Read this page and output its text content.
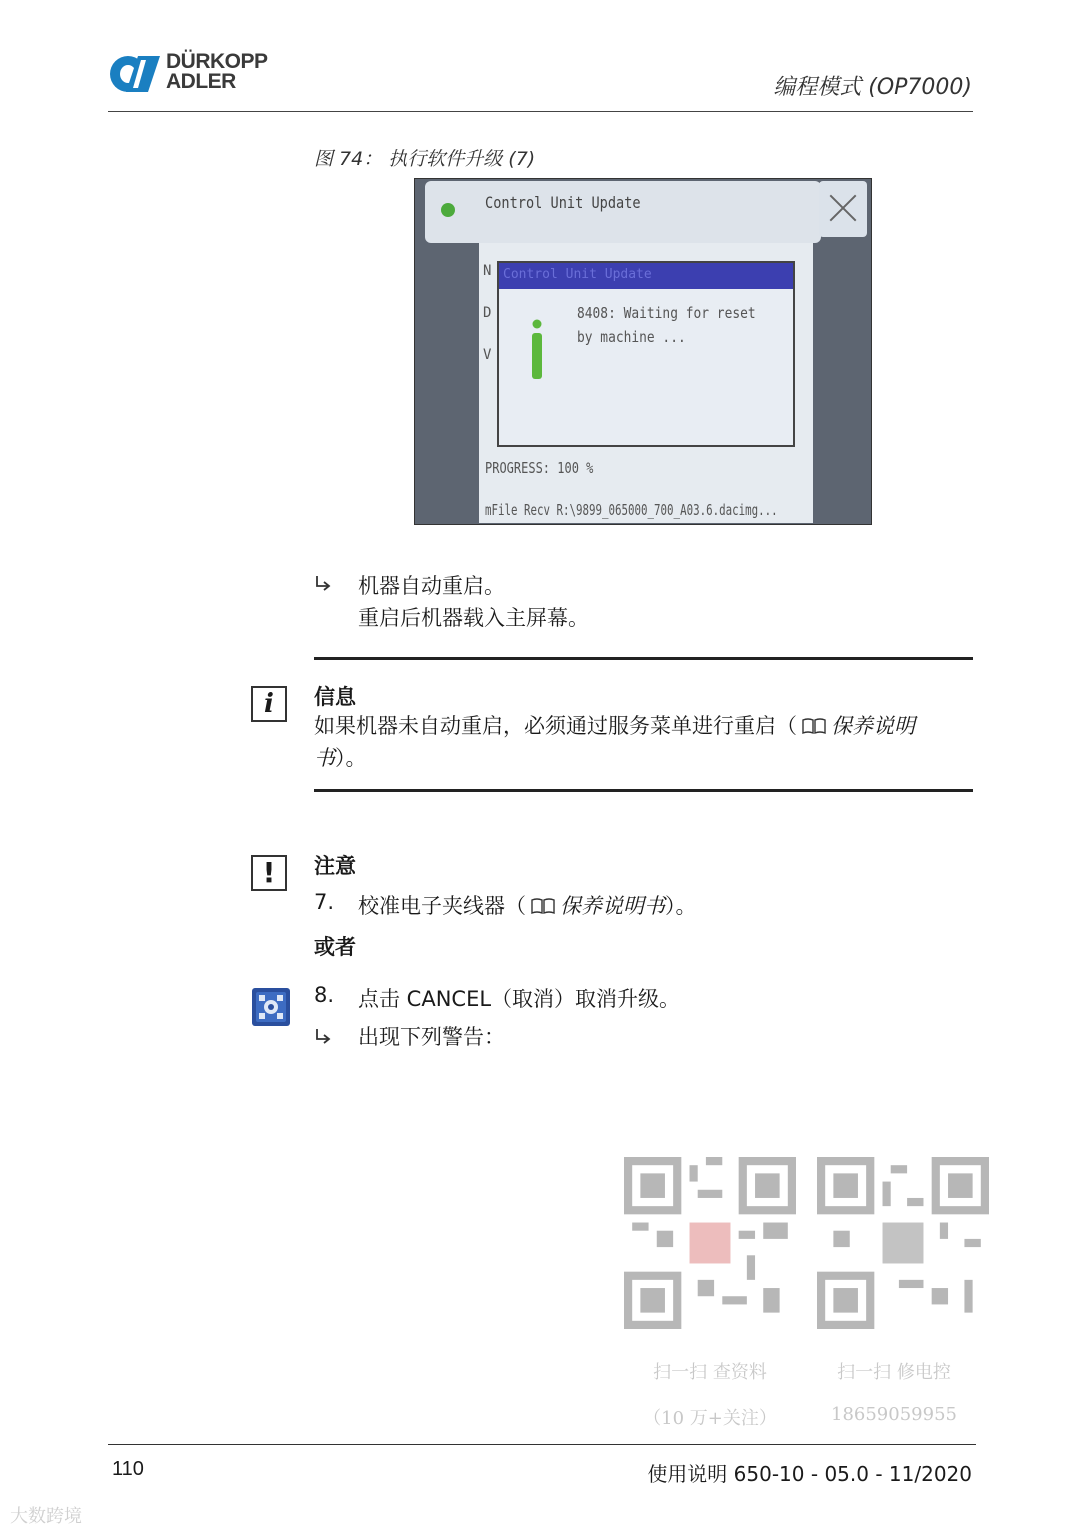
DÜRKOPP
ADLER	编程模式 (OP7000)
图 74： 执行软件升级 (7)
Control Unit Update
N
D
V
Control Unit Update
8408: Waiting for reset by machine ...
PROGRESS: 100 %
mFile Recv R:\9899_065000_700_A03.6.dacimg...
机器自动重启。
重启后机器载入主屏幕。
i	信息
如果机器未自动重启，必须通过服务菜单进行重启（ 保养说明书）。
!	注意
7. 校准电子夹线器（ 保养说明书）。
或者
8. 点击 CANCEL（取消）取消升级。
出现下列警告：
扫一扫 查资料
（10 万+关注）
扫一扫 修电控
18659059955
110	使用说明 650-10 - 05.0 - 11/2020
大数跨境
